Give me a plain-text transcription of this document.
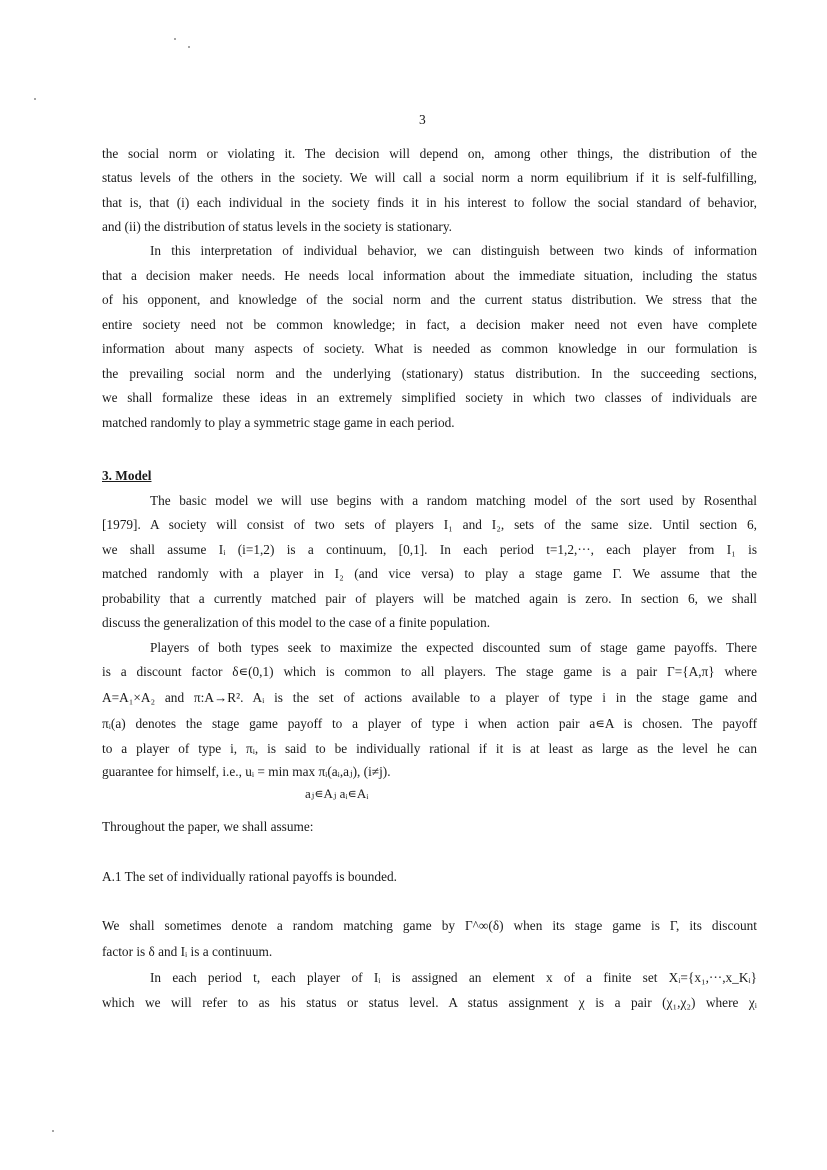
3
the social norm or violating it. The decision will depend on, among other things, the distribution of the
status levels of the others in the society. We will call a social norm a norm equilibrium if it is self-fulfilling,
that is, that (i) each individual in the society finds it in his interest to follow the social standard of behavior,
and (ii) the distribution of status levels in the society is stationary.
In this interpretation of individual behavior, we can distinguish between two kinds of information
that a decision maker needs. He needs local information about the immediate situation, including the status
of his opponent, and knowledge of the social norm and the current status distribution. We stress that the
entire society need not be common knowledge; in fact, a decision maker need not even have complete
information about many aspects of society. What is needed as common knowledge in our formulation is
the prevailing social norm and the underlying (stationary) status distribution. In the succeeding sections,
we shall formalize these ideas in an extremely simplified society in which two classes of individuals are
matched randomly to play a symmetric stage game in each period.
3. Model
The basic model we will use begins with a random matching model of the sort used by Rosenthal
[1979]. A society will consist of two sets of players I₁ and I₂, sets of the same size. Until section 6,
we shall assume Iᵢ (i=1,2) is a continuum, [0,1]. In each period t=1,2,···, each player from I₁ is
matched randomly with a player in I₂ (and vice versa) to play a stage game Γ. We assume that the
probability that a currently matched pair of players will be matched again is zero. In section 6, we shall
discuss the generalization of this model to the case of a finite population.
Players of both types seek to maximize the expected discounted sum of stage game payoffs. There
is a discount factor δ∊(0,1) which is common to all players. The stage game is a pair Γ={A,π} where
A=A₁×A₂ and π:A→R². Aᵢ is the set of actions available to a player of type i in the stage game and
πᵢ(a) denotes the stage game payoff to a player of type i when action pair a∊A is chosen. The payoff
to a player of type i, πᵢ, is said to be individually rational if it is at least as large as the level he can
guarantee for himself, i.e., uᵢ = min max πᵢ(aᵢ,aⱼ), (i≠j).
aⱼ∊Aⱼ aᵢ∊Aᵢ
Throughout the paper, we shall assume:
A.1 The set of individually rational payoffs is bounded.
We shall sometimes denote a random matching game by Γ^∞(δ) when its stage game is Γ, its discount
factor is δ and Iᵢ is a continuum.
In each period t, each player of Iᵢ is assigned an element x of a finite set Xᵢ={x₁,···,x_Kᵢ}
which we will refer to as his status or status level. A status assignment χ is a pair (χ₁,χ₂) where χᵢ
